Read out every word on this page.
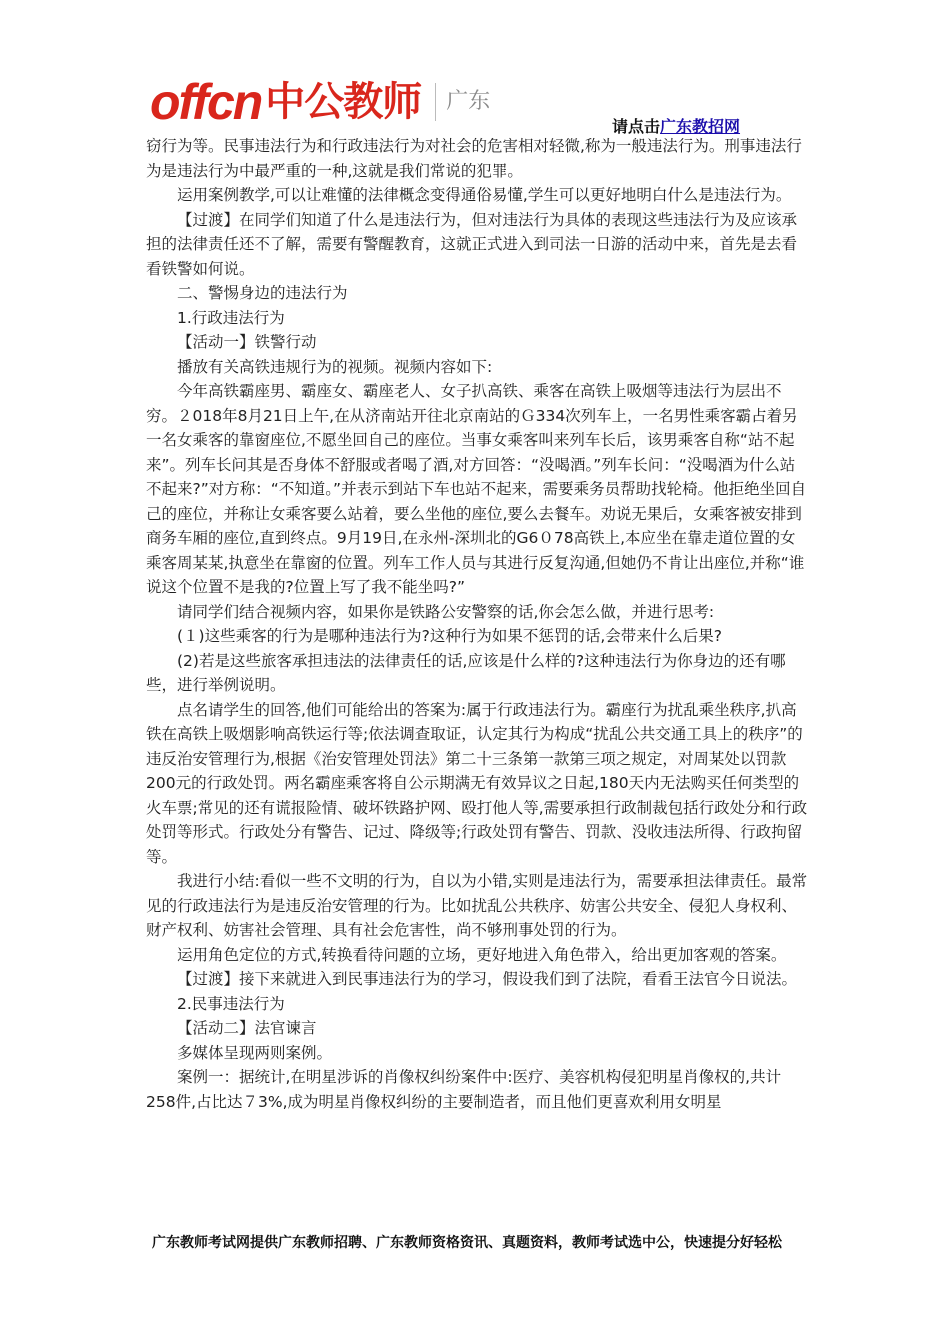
offcn 中公教师 广东
请点击广东教招网

窃行为等。民事违法行为和行政违法行为对社会的危害相对轻微,称为一般违法行为。刑事违法行为是违法行为中最严重的一种,这就是我们常说的犯罪。

运用案例教学,可以让难懂的法律概念变得通俗易懂,学生可以更好地明白什么是违法行为。

【过渡】在同学们知道了什么是违法行为，但对违法行为具体的表现这些违法行为及应该承担的法律责任还不了解，需要有警醒教育，这就正式进入到司法一日游的活动中来，首先是去看看铁警如何说。

二、警惕身边的违法行为

1.行政违法行为

【活动一】铁警行动

播放有关高铁违规行为的视频。视频内容如下:

今年高铁霸座男、霸座女、霸座老人、女子扒高铁、乘客在高铁上吸烟等违法行为层出不穷。２018年8月21日上午,在从济南站开往北京南站的Ｇ334次列车上，一名男性乘客霸占着另一名女乘客的靠窗座位,不愿坐回自己的座位。当事女乘客叫来列车长后，该男乘客自称“站不起来”。列车长问其是否身体不舒服或者喝了酒,对方回答：“没喝酒。”列车长问：“没喝酒为什么站不起来?”对方称：“不知道。”并表示到站下车也站不起来，需要乘务员帮助找轮椅。他拒绝坐回自己的座位，并称让女乘客要么站着，要么坐他的座位,要么去餐车。劝说无果后，女乘客被安排到商务车厢的座位,直到终点。9月19日,在永州-深圳北的G6０78高铁上,本应坐在靠走道位置的女乘客周某某,执意坐在靠窗的位置。列车工作人员与其进行反复沟通,但她仍不肯让出座位,并称“谁说这个位置不是我的?位置上写了我不能坐吗?”

请同学们结合视频内容，如果你是铁路公安警察的话,你会怎么做，并进行思考:

(１)这些乘客的行为是哪种违法行为?这种行为如果不惩罚的话,会带来什么后果?

(2)若是这些旅客承担违法的法律责任的话,应该是什么样的?这种违法行为你身边的还有哪些，进行举例说明。

点名请学生的回答,他们可能给出的答案为:属于行政违法行为。霸座行为扰乱乘坐秩序,扒高铁在高铁上吸烟影响高铁运行等;依法调查取证，认定其行为构成“扰乱公共交通工具上的秩序”的违反治安管理行为,根据《治安管理处罚法》第二十三条第一款第三项之规定，对周某处以罚款200元的行政处罚。两名霸座乘客将自公示期满无有效异议之日起,180天内无法购买任何类型的火车票;常见的还有谎报险情、破坏铁路护网、殴打他人等,需要承担行政制裁包括行政处分和行政处罚等形式。行政处分有警告、记过、降级等;行政处罚有警告、罚款、没收违法所得、行政拘留等。

我进行小结:看似一些不文明的行为，自以为小错,实则是违法行为，需要承担法律责任。最常见的行政违法行为是违反治安管理的行为。比如扰乱公共秩序、妨害公共安全、侵犯人身权利、财产权利、妨害社会管理、具有社会危害性，尚不够刑事处罚的行为。

运用角色定位的方式,转换看待问题的立场，更好地进入角色带入，给出更加客观的答案。

【过渡】接下来就进入到民事违法行为的学习，假设我们到了法院，看看王法官今日说法。

2.民事违法行为

【活动二】法官谏言

多媒体呈现两则案例。

案例一：据统计,在明星涉诉的肖像权纠纷案件中:医疗、美容机构侵犯明星肖像权的,共计258件,占比达７3%,成为明星肖像权纠纷的主要制造者，而且他们更喜欢利用女明星

广东教师考试网提供广东教师招聘、广东教师资格资讯、真题资料，教师考试选中公，快速提分好轻松
